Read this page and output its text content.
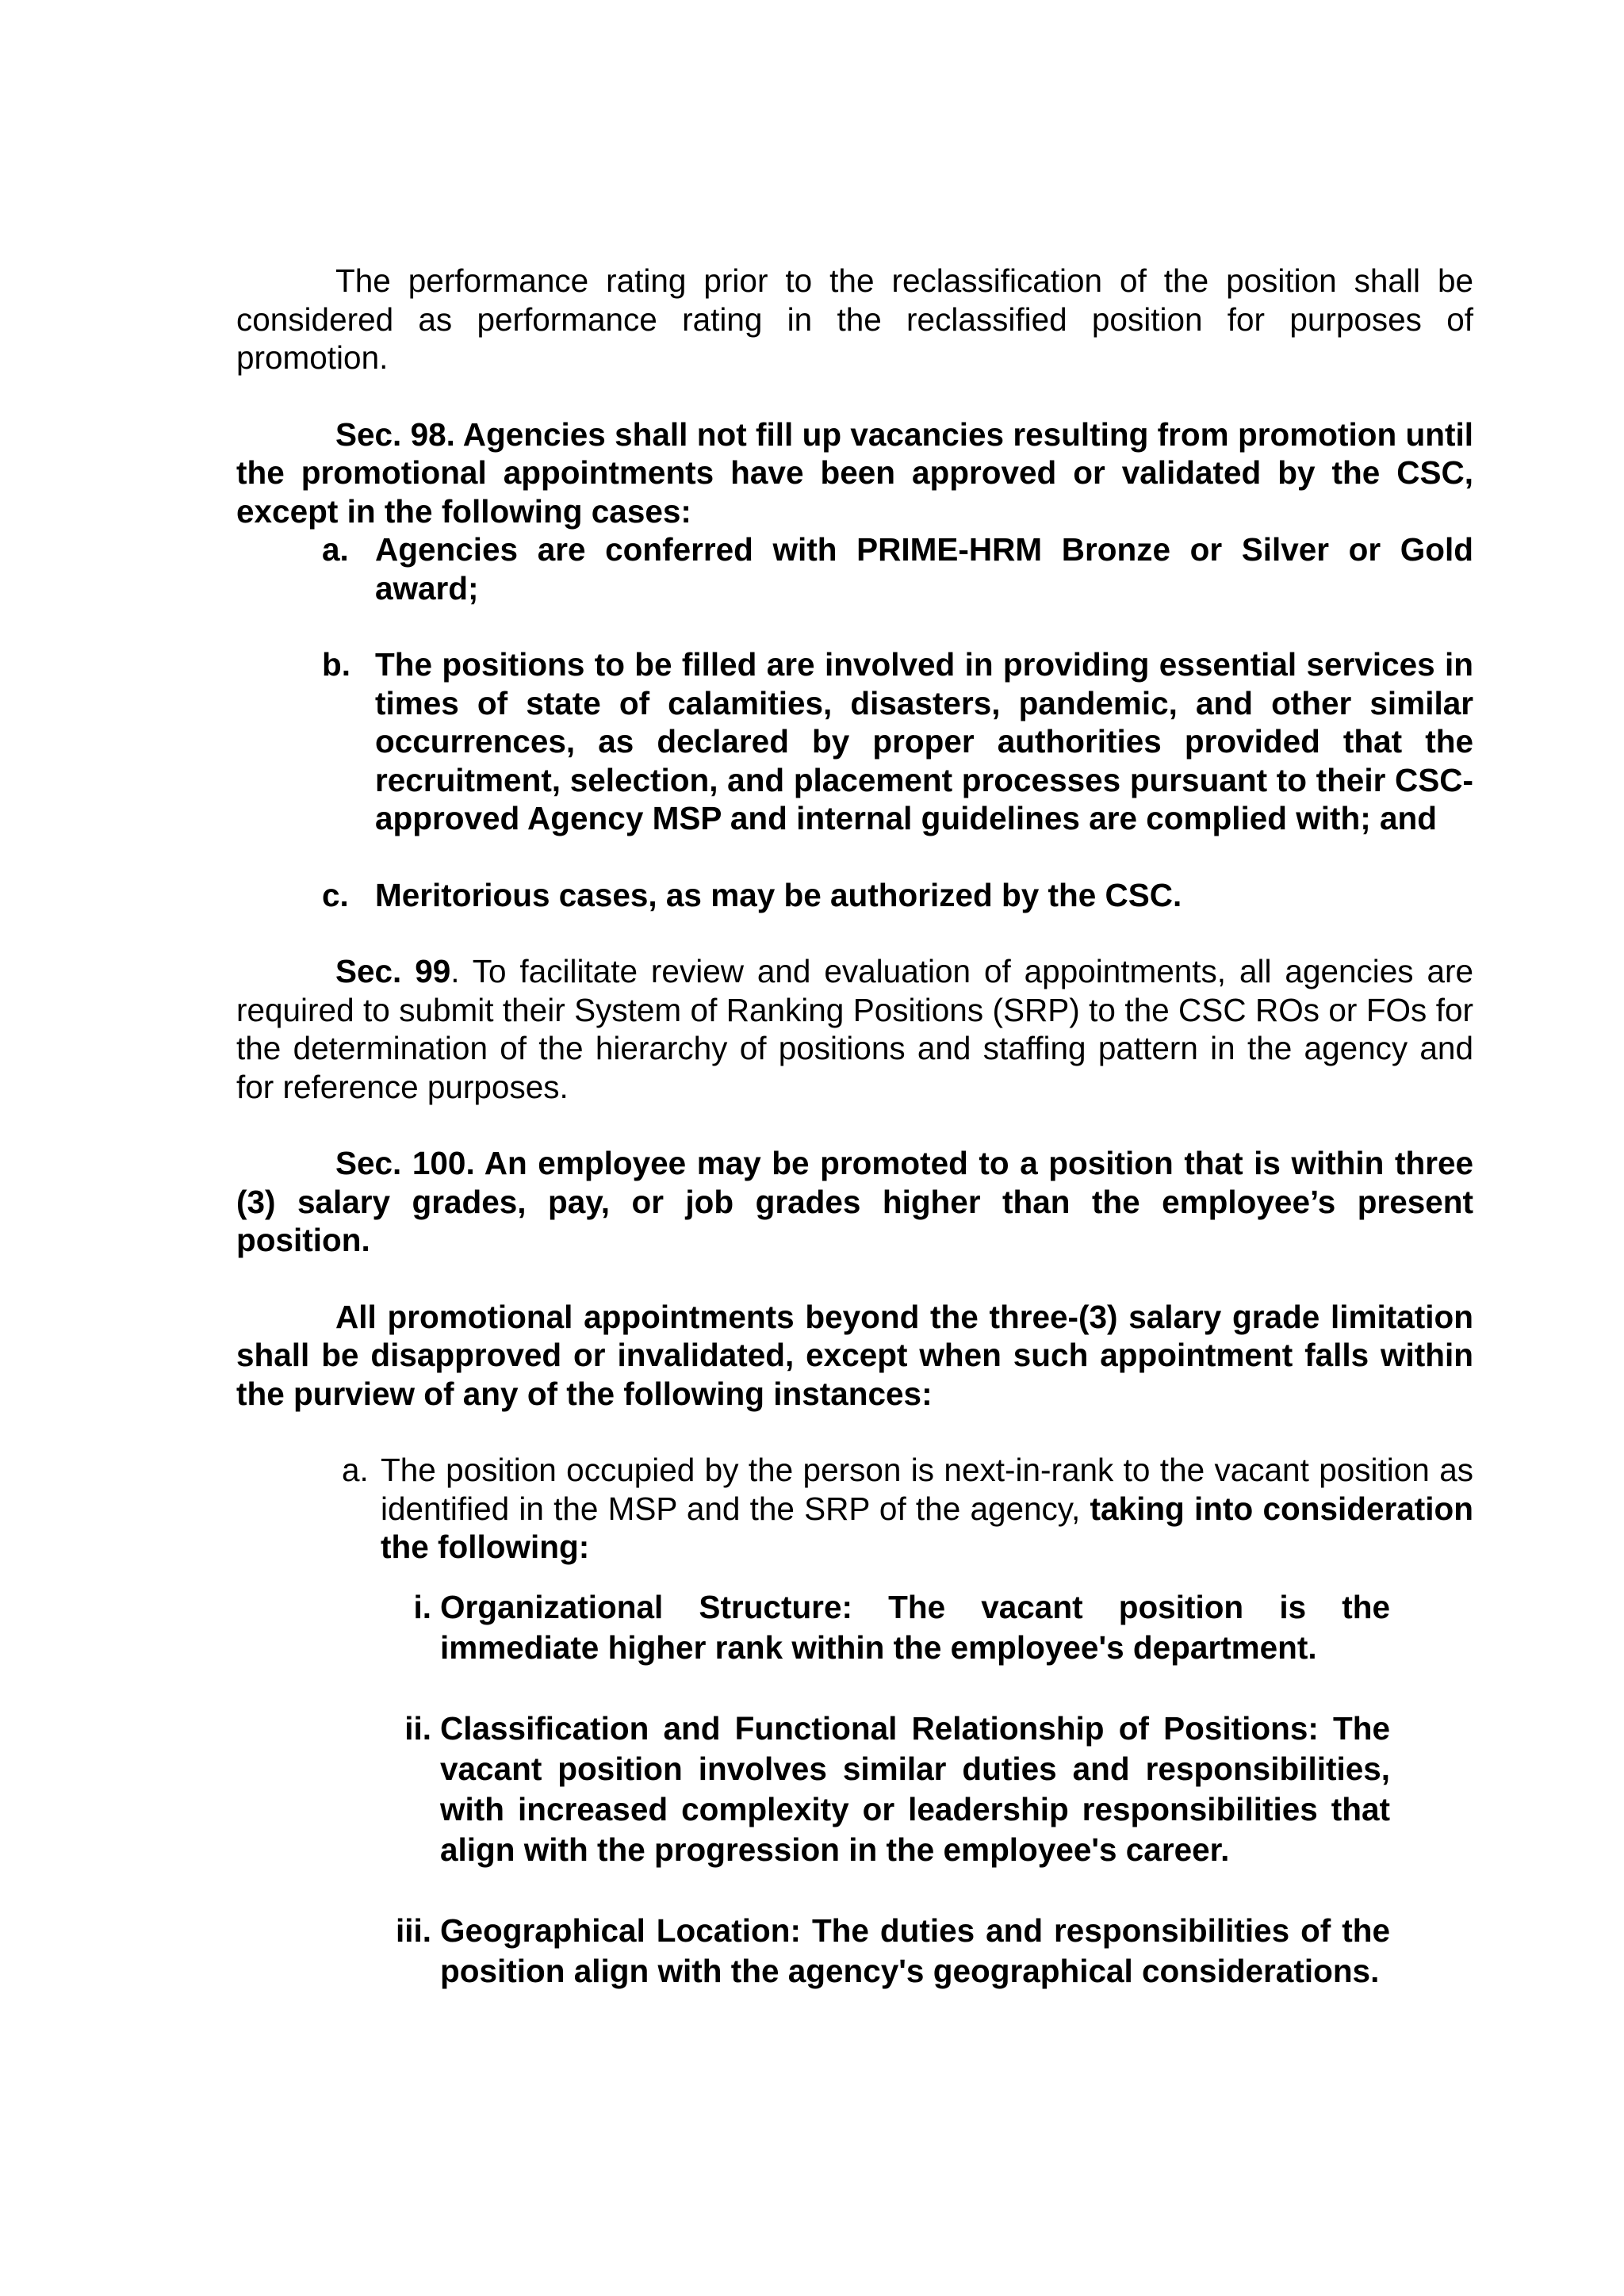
The performance rating prior to the reclassification of the position shall be considered as performance rating in the reclassified position for purposes of promotion.

Sec. 98. Agencies shall not fill up vacancies resulting from promotion until the promotional appointments have been approved or validated by the CSC, except in the following cases:

a. Agencies are conferred with PRIME-HRM Bronze or Silver or Gold award;
b. The positions to be filled are involved in providing essential services in times of state of calamities, disasters, pandemic, and other similar occurrences, as declared by proper authorities provided that the recruitment, selection, and placement processes pursuant to their CSC-approved Agency MSP and internal guidelines are complied with; and
c. Meritorious cases, as may be authorized by the CSC.

Sec. 99. To facilitate review and evaluation of appointments, all agencies are required to submit their System of Ranking Positions (SRP) to the CSC ROs or FOs for the determination of the hierarchy of positions and staffing pattern in the agency and for reference purposes.

Sec. 100. An employee may be promoted to a position that is within three (3) salary grades, pay, or job grades higher than the employee’s present position.

All promotional appointments beyond the three-(3) salary grade limitation shall be disapproved or invalidated, except when such appointment falls within the purview of any of the following instances:

a. The position occupied by the person is next-in-rank to the vacant position as identified in the MSP and the SRP of the agency, taking into consideration the following:
i. Organizational Structure: The vacant position is the immediate higher rank within the employee's department.
ii. Classification and Functional Relationship of Positions: The vacant position involves similar duties and responsibilities, with increased complexity or leadership responsibilities that align with the progression in the employee's career.
iii. Geographical Location: The duties and responsibilities of the position align with the agency's geographical considerations.
